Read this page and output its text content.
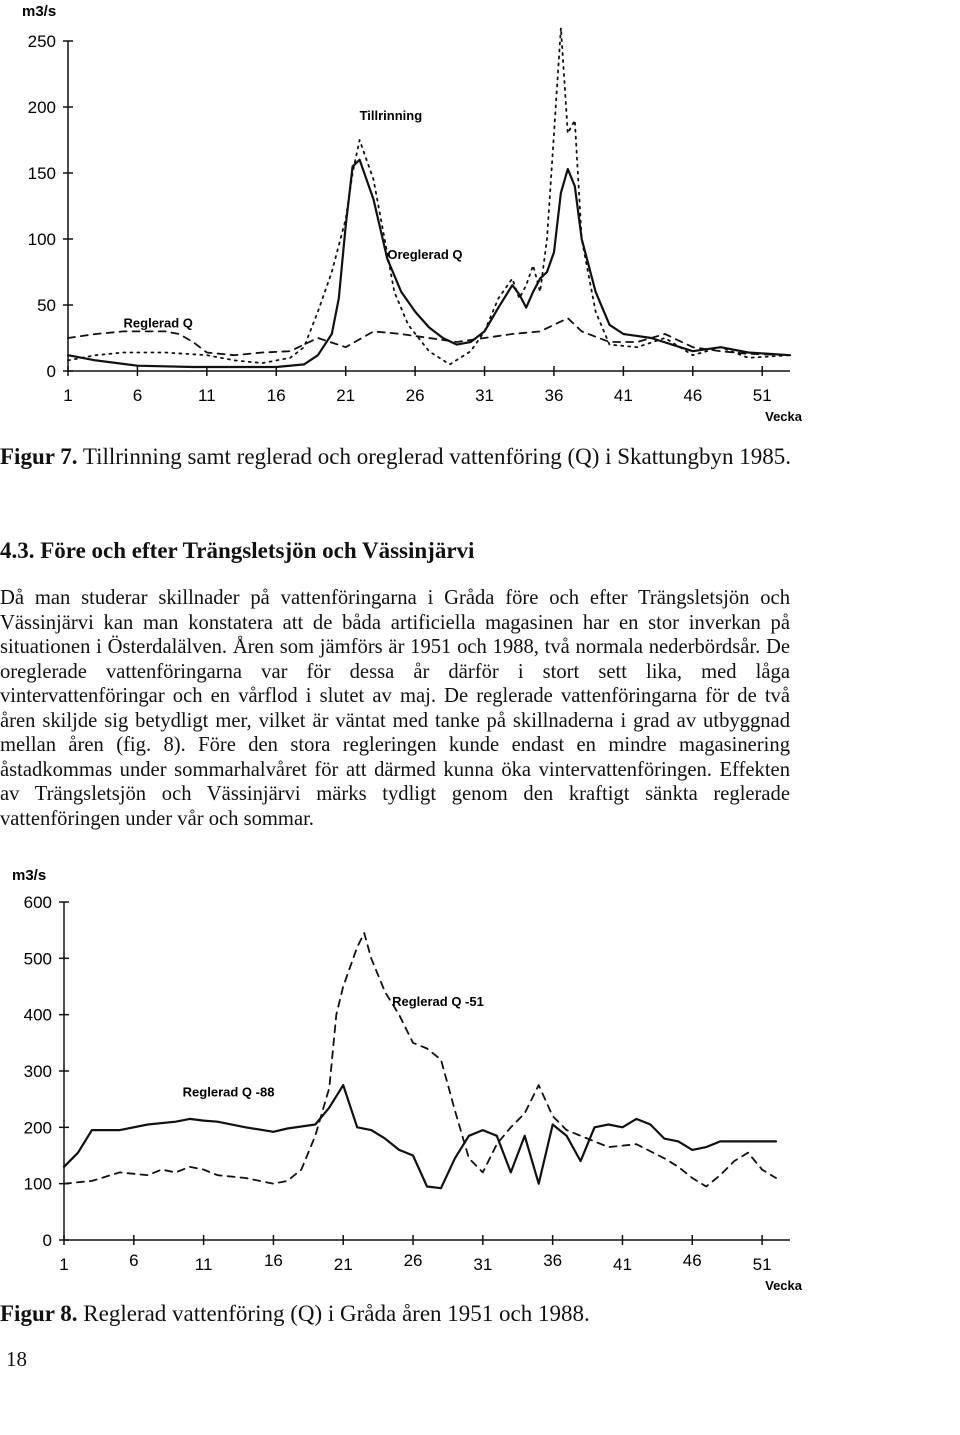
m3/s
0
50
100
150
200
250
1	6	11	16	21	26	31	36	41	46	51
Vecka
Tillrinning
Oreglerad Q
Reglerad Q

Figur 7. Tillrinning samt reglerad och oreglerad vattenföring (Q) i Skattungbyn 1985.

4.3. Före och efter Trängsletsjön och Vässinjärvi

Då man studerar skillnader på vattenföringarna i Gråda före och efter Trängsletsjön och Vässinjärvi kan man konstatera att de båda artificiella magasinen har en stor inverkan på situationen i Österdalälven. Åren som jämförs är 1951 och 1988, två normala nederbördsår. De oreglerade vattenföringarna var för dessa år därför i stort sett lika, med låga vintervattenföringar och en vårflod i slutet av maj. De reglerade vattenföringarna för de två åren skiljde sig betydligt mer, vilket är väntat med tanke på skillnaderna i grad av utbyggnad mellan åren (fig. 8). Före den stora regleringen kunde endast en mindre magasinering åstadkommas under sommarhalvåret för att därmed kunna öka vintervattenföringen. Effekten av Trängsletsjön och Vässinjärvi märks tydligt genom den kraftigt sänkta reglerade vattenföringen under vår och sommar.

m3/s
0
100
200
300
400
500
600
1	6	11	16	21	26	31	36	41	46	51
Vecka
Reglerad Q -51
Reglerad Q -88

Figur 8. Reglerad vattenföring (Q) i Gråda åren 1951 och 1988.

18
